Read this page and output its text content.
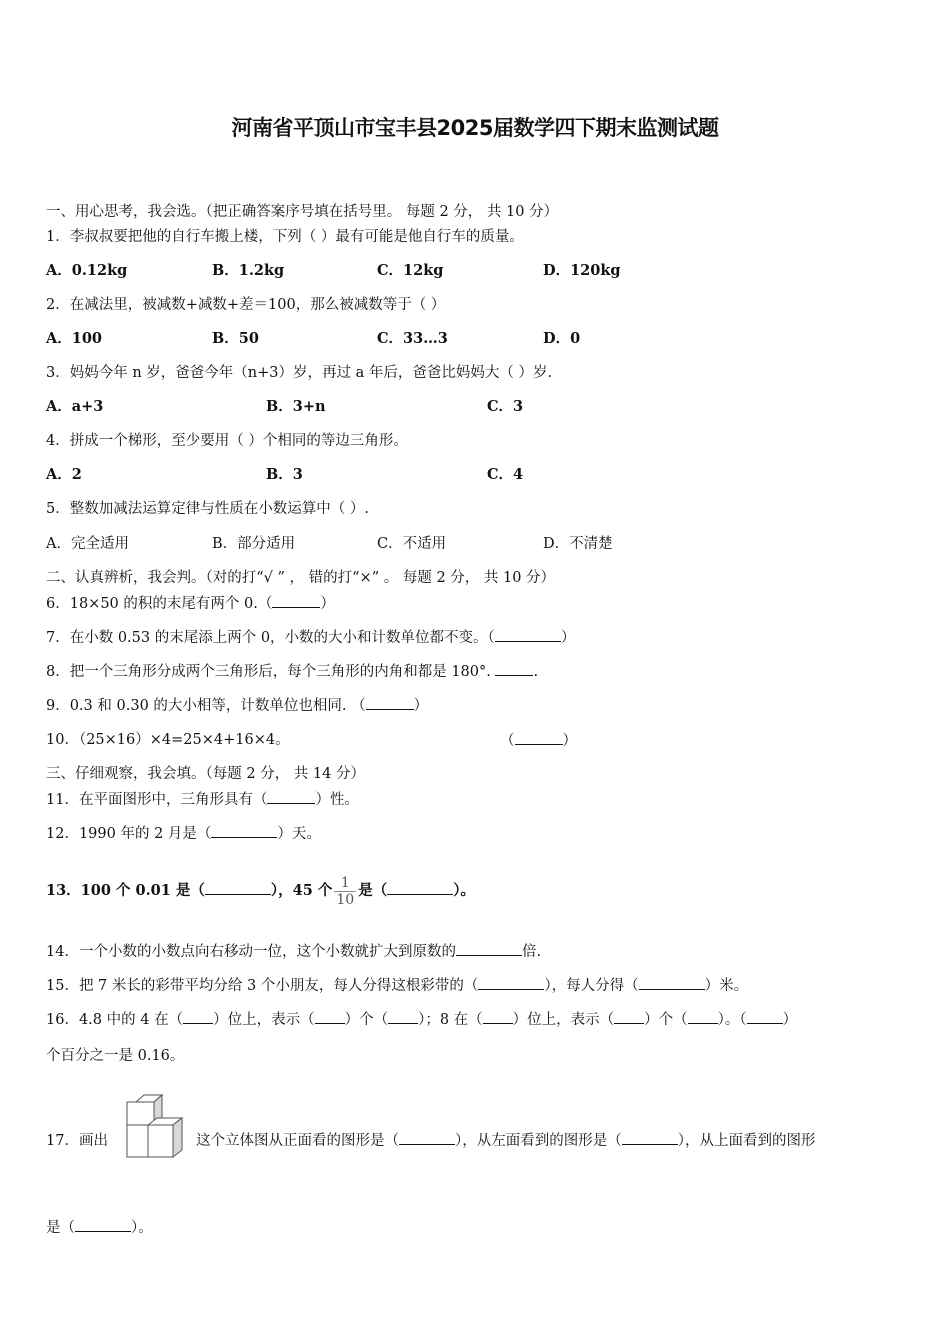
河南省平顶山市宝丰县2025届数学四下期末监测试题
一、用心思考，我会选。（把正确答案序号填在括号里。 每题 2 分， 共 10 分）
1．李叔叔要把他的自行车搬上楼，下列（ ）最有可能是他自行车的质量。
A．0.12kg	B．1.2kg	C．12kg	D．120kg
2．在减法里，被减数+减数+差＝100，那么被减数等于（ ）
A．100	B．50	C．33…3	D．0
3．妈妈今年 n 岁，爸爸今年（n+3）岁，再过 a 年后，爸爸比妈妈大（ ）岁.
A．a+3	B．3+n	C．3
4．拼成一个梯形，至少要用（ ）个相同的等边三角形。
A．2	B．3	C．4
5．整数加减法运算定律与性质在小数运算中（ ）.
A．完全适用	B．部分适用	C．不适用	D．不清楚
二、认真辨析，我会判。（对的打“√ ” ， 错的打“×” 。 每题 2 分， 共 10 分）
6．18×50 的积的末尾有两个 0.（	）
7．在小数 0.53 的末尾添上两个 0，小数的大小和计数单位都不变。（	）
8．把一个三角形分成两个三角形后，每个三角形的内角和都是 180°.	.
9．0.3 和 0.30 的大小相等，计数单位也相同. （	）
10．（25×16）×4=25×4+16×4。	（	）
三、仔细观察，我会填。（每题 2 分， 共 14 分）
11．在平面图形中，三角形具有（	）性。
12．1990 年的 2 月是（	）天。
13．100 个 0.01 是（	），45 个 $\frac{1}{10}$ 是（	）。
14．一个小数的小数点向右移动一位，这个小数就扩大到原数的	倍.
15．把 7 米长的彩带平均分给 3 个小朋友，每人分得这根彩带的（	），每人分得（	）米。
16．4.8 中的 4 在（ ）位上，表示（ ）个（ ）；8 在（ ）位上，表示（ ）个（ ）。（ ）
个百分之一是 0.16。
17．画出	这个立体图从正面看的图形是（	），从左面看到的图形是（	），从上面看到的图形
是（	）。
